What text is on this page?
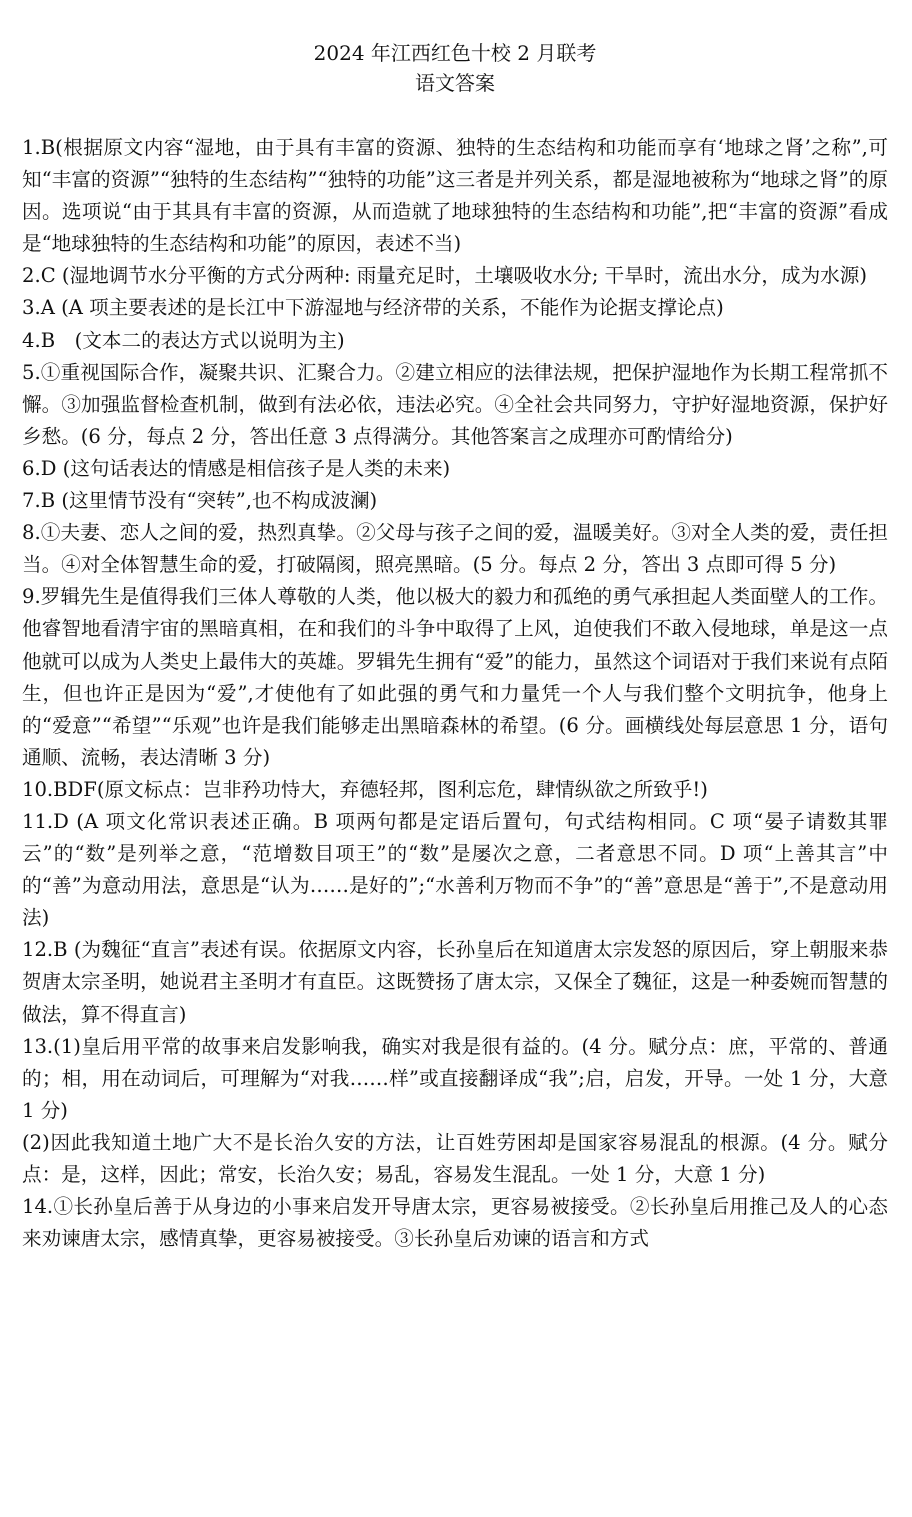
2024 年江西红色十校 2 月联考
语文答案

1.B(根据原文内容“湿地，由于具有丰富的资源、独特的生态结构和功能而享有‘地球之肾’之称”,可知“丰富的资源”“独特的生态结构”“独特的功能”这三者是并列关系，都是湿地被称为“地球之肾”的原因。选项说“由于其具有丰富的资源，从而造就了地球独特的生态结构和功能”,把“丰富的资源”看成是“地球独特的生态结构和功能”的原因，表述不当)

2.C (湿地调节水分平衡的方式分两种: 雨量充足时，土壤吸收水分; 干旱时，流出水分，成为水源)

3.A (A 项主要表述的是长江中下游湿地与经济带的关系，不能作为论据支撑论点)

4.B　(文本二的表达方式以说明为主)

5.①重视国际合作，凝聚共识、汇聚合力。②建立相应的法律法规，把保护湿地作为长期工程常抓不懈。③加强监督检查机制，做到有法必依，违法必究。④全社会共同努力，守护好湿地资源，保护好乡愁。(6 分，每点 2 分，答出任意 3 点得满分。其他答案言之成理亦可酌情给分)

6.D (这句话表达的情感是相信孩子是人类的未来)

7.B (这里情节没有“突转”,也不构成波澜)

8.①夫妻、恋人之间的爱，热烈真挚。②父母与孩子之间的爱，温暖美好。③对全人类的爱，责任担当。④对全体智慧生命的爱，打破隔阂，照亮黑暗。(5 分。每点 2 分，答出 3 点即可得 5 分)

9.罗辑先生是值得我们三体人尊敬的人类，他以极大的毅力和孤绝的勇气承担起人类面壁人的工作。他睿智地看清宇宙的黑暗真相，在和我们的斗争中取得了上风，迫使我们不敢入侵地球，单是这一点他就可以成为人类史上最伟大的英雄。罗辑先生拥有“爱”的能力，虽然这个词语对于我们来说有点陌生，但也许正是因为“爱”,才使他有了如此强的勇气和力量凭一个人与我们整个文明抗争，他身上的“爱意”“希望”“乐观”也许是我们能够走出黑暗森林的希望。(6 分。画横线处每层意思 1 分，语句通顺、流畅，表达清晰 3 分)

10.BDF(原文标点：岂非矜功恃大，弃德轻邦，图利忘危，肆情纵欲之所致乎!)

11.D (A 项文化常识表述正确。B 项两句都是定语后置句，句式结构相同。C 项“晏子请数其罪云”的“数”是列举之意，“范增数目项王”的“数”是屡次之意，二者意思不同。D 项“上善其言”中的“善”为意动用法，意思是“认为……是好的”;“水善利万物而不争”的“善”意思是“善于”,不是意动用法)

12.B (为魏征“直言”表述有误。依据原文内容，长孙皇后在知道唐太宗发怒的原因后，穿上朝服来恭贺唐太宗圣明，她说君主圣明才有直臣。这既赞扬了唐太宗，又保全了魏征，这是一种委婉而智慧的做法，算不得直言)

13.(1)皇后用平常的故事来启发影响我，确实对我是很有益的。(4 分。赋分点：庶，平常的、普通的；相，用在动词后，可理解为“对我……样”或直接翻译成“我”;启，启发，开导。一处 1 分，大意 1 分)

(2)因此我知道土地广大不是长治久安的方法，让百姓劳困却是国家容易混乱的根源。(4 分。赋分点：是，这样，因此；常安，长治久安；易乱，容易发生混乱。一处 1 分，大意 1 分)

14.①长孙皇后善于从身边的小事来启发开导唐太宗，更容易被接受。②长孙皇后用推己及人的心态来劝谏唐太宗，感情真挚，更容易被接受。③长孙皇后劝谏的语言和方式
